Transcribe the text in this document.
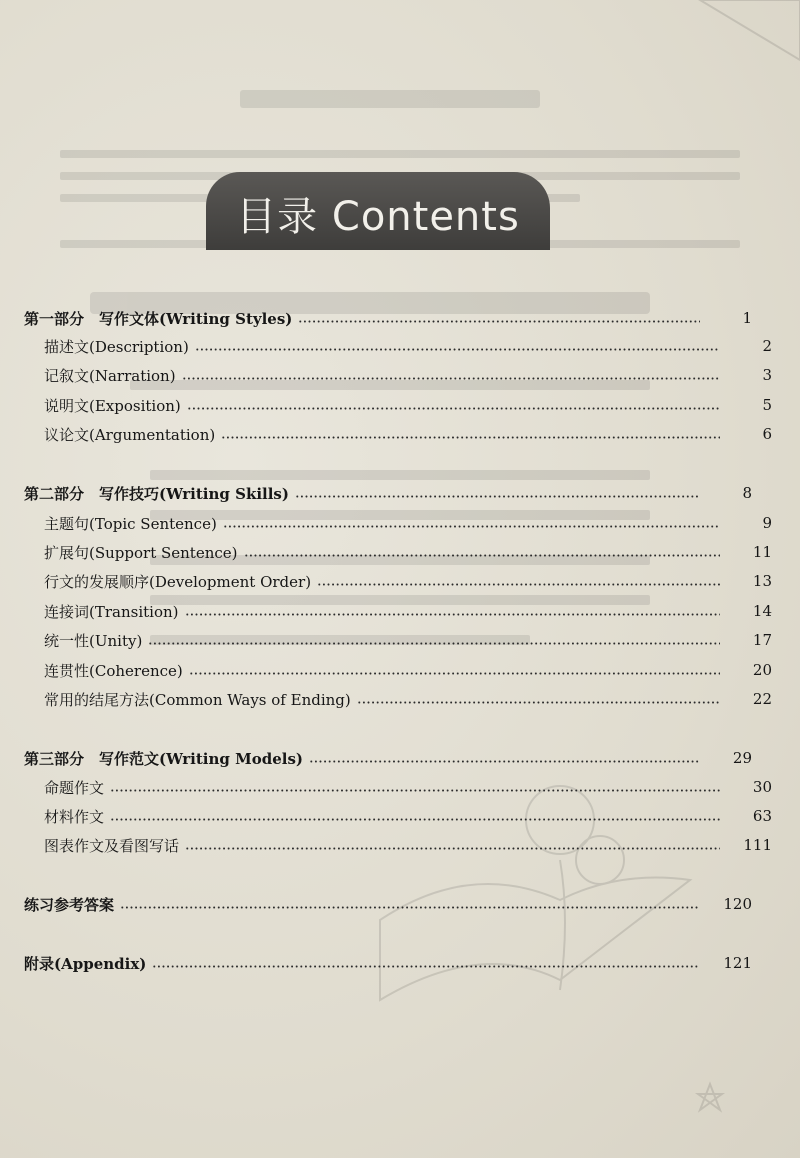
目录 Contents
第一部分　写作文体(Writing Styles)	1
描述文(Description)	2
记叙文(Narration)	3
说明文(Exposition)	5
议论文(Argumentation)	6
第二部分　写作技巧(Writing Skills)	8
主题句(Topic Sentence)	9
扩展句(Support Sentence)	11
行文的发展顺序(Development Order)	13
连接词(Transition)	14
统一性(Unity)	17
连贯性(Coherence)	20
常用的结尾方法(Common Ways of Ending)	22
第三部分　写作范文(Writing Models)	29
命题作文	30
材料作文	63
图表作文及看图写话	111
练习参考答案	120
附录(Appendix)	121
